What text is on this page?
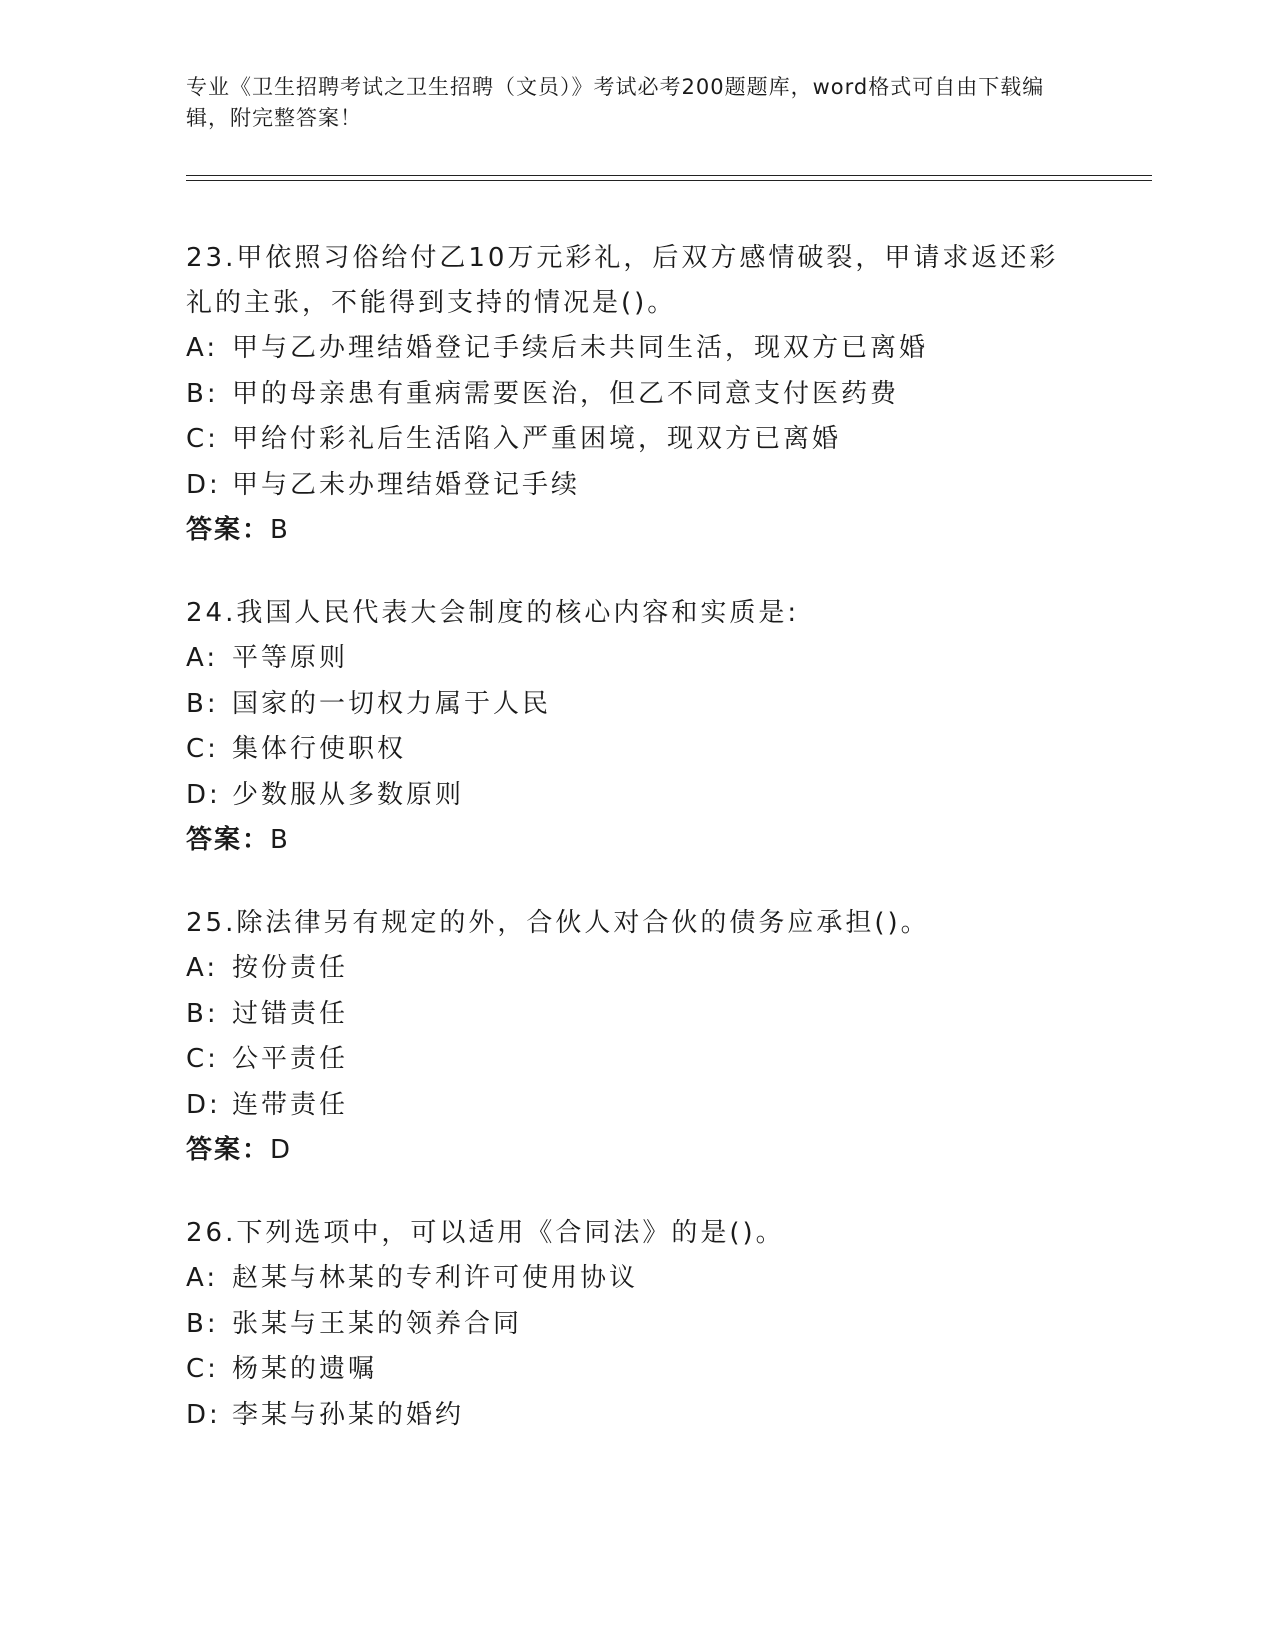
专业《卫生招聘考试之卫生招聘（文员）》考试必考200题题库，word格式可自由下载编辑，附完整答案！
23.甲依照习俗给付乙10万元彩礼，后双方感情破裂，甲请求返还彩礼的主张，不能得到支持的情况是()。
A: 甲与乙办理结婚登记手续后未共同生活，现双方已离婚
B: 甲的母亲患有重病需要医治，但乙不同意支付医药费
C: 甲给付彩礼后生活陷入严重困境，现双方已离婚
D: 甲与乙未办理结婚登记手续
答案：B
24.我国人民代表大会制度的核心内容和实质是:
A: 平等原则
B: 国家的一切权力属于人民
C: 集体行使职权
D: 少数服从多数原则
答案：B
25.除法律另有规定的外，合伙人对合伙的债务应承担()。
A: 按份责任
B: 过错责任
C: 公平责任
D: 连带责任
答案：D
26.下列选项中，可以适用《合同法》的是()。
A: 赵某与林某的专利许可使用协议
B: 张某与王某的领养合同
C: 杨某的遗嘱
D: 李某与孙某的婚约
